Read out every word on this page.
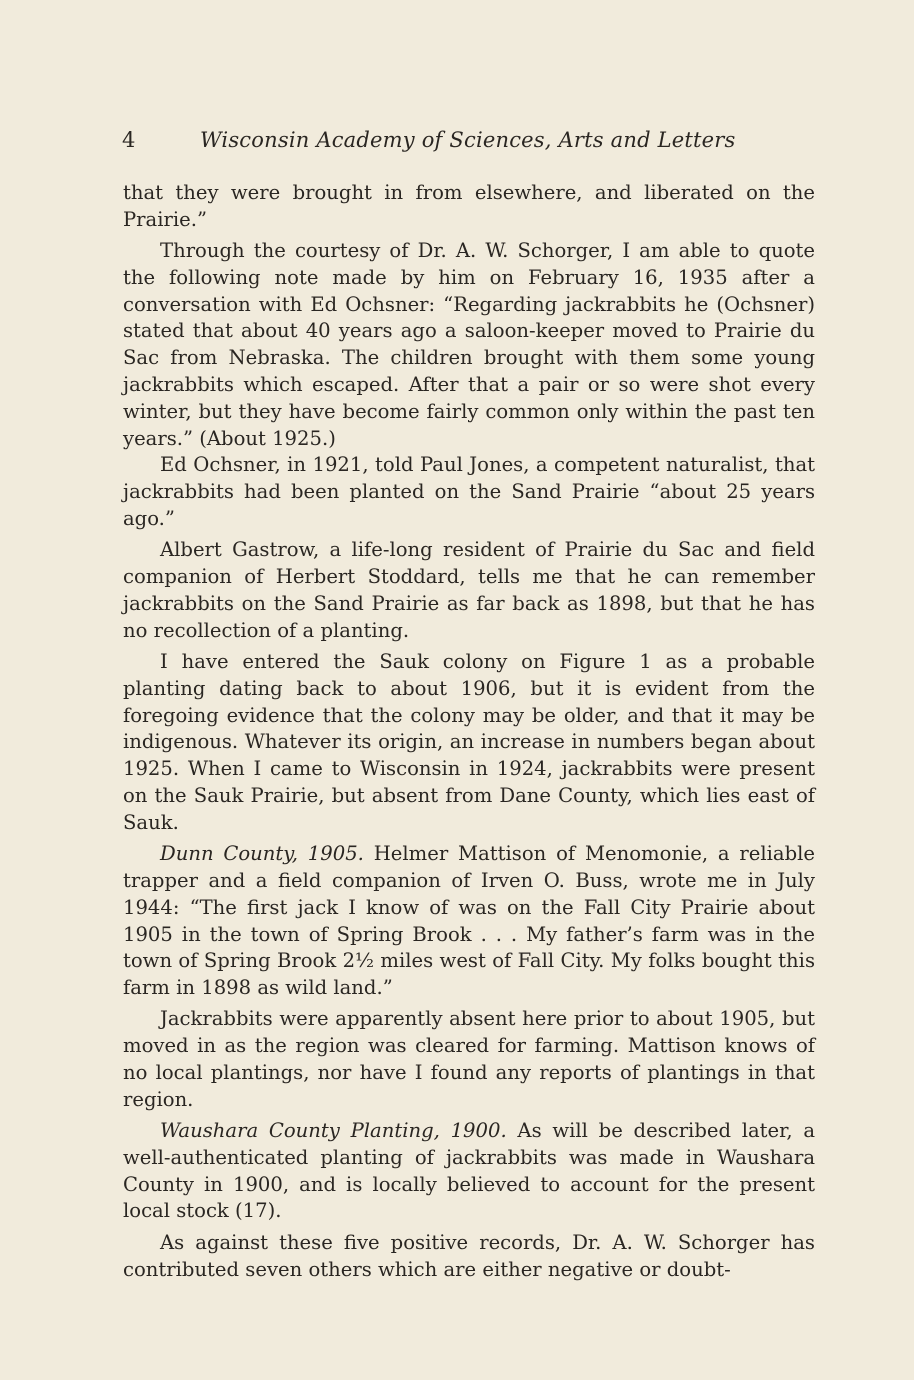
4	Wisconsin Academy of Sciences, Arts and Letters

that they were brought in from elsewhere, and liberated on the Prairie.”

Through the courtesy of Dr. A. W. Schorger, I am able to quote the following note made by him on February 16, 1935 after a conversation with Ed Ochsner: “Regarding jackrabbits he (Ochsner) stated that about 40 years ago a saloon-keeper moved to Prairie du Sac from Nebraska. The children brought with them some young jackrabbits which escaped. After that a pair or so were shot every winter, but they have become fairly common only within the past ten years.” (About 1925.)

Ed Ochsner, in 1921, told Paul Jones, a competent naturalist, that jackrabbits had been planted on the Sand Prairie “about 25 years ago.”

Albert Gastrow, a life-long resident of Prairie du Sac and field companion of Herbert Stoddard, tells me that he can remember jackrabbits on the Sand Prairie as far back as 1898, but that he has no recollection of a planting.

I have entered the Sauk colony on Figure 1 as a probable planting dating back to about 1906, but it is evident from the foregoing evidence that the colony may be older, and that it may be indigenous. Whatever its origin, an increase in numbers began about 1925. When I came to Wisconsin in 1924, jackrabbits were present on the Sauk Prairie, but absent from Dane County, which lies east of Sauk.

Dunn County, 1905. Helmer Mattison of Menomonie, a reliable trapper and a field companion of Irven O. Buss, wrote me in July 1944: “The first jack I know of was on the Fall City Prairie about 1905 in the town of Spring Brook . . . My father’s farm was in the town of Spring Brook 2½ miles west of Fall City. My folks bought this farm in 1898 as wild land.”

Jackrabbits were apparently absent here prior to about 1905, but moved in as the region was cleared for farming. Mattison knows of no local plantings, nor have I found any reports of plantings in that region.

Waushara County Planting, 1900. As will be described later, a well-authenticated planting of jackrabbits was made in Waushara County in 1900, and is locally believed to account for the present local stock (17).

As against these five positive records, Dr. A. W. Schorger has contributed seven others which are either negative or doubt-
